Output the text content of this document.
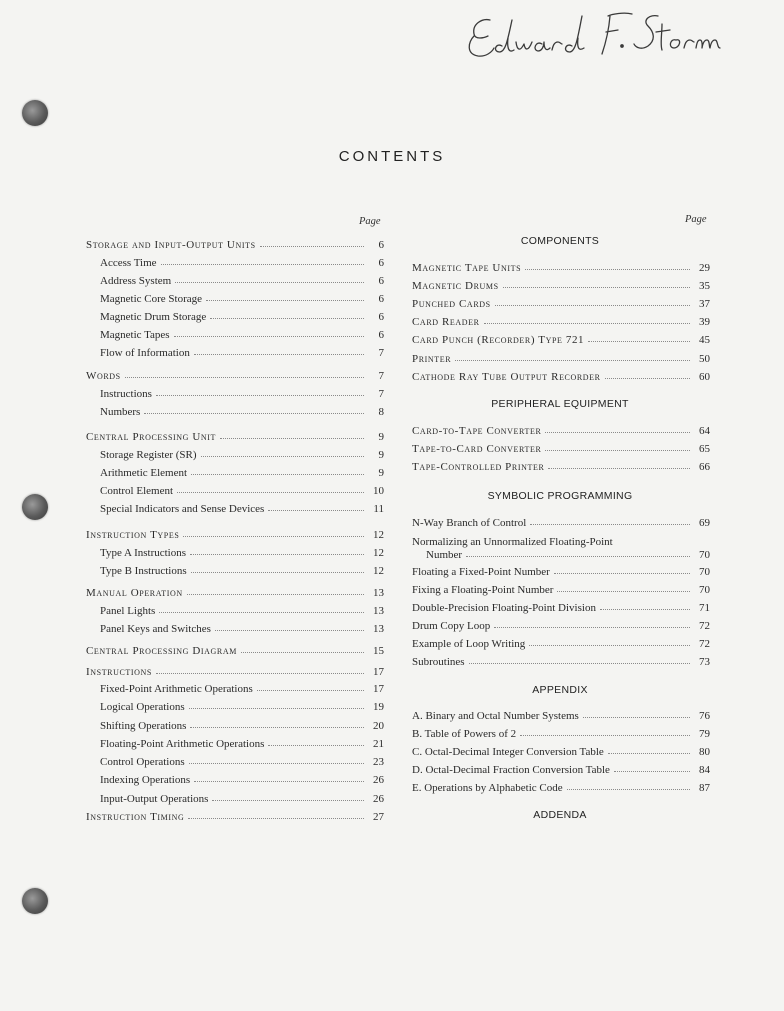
CONTENTS
Page	Page
Storage and Input-Output Units	6
Access Time	6
Address System	6
Magnetic Core Storage	6
Magnetic Drum Storage	6
Magnetic Tapes	6
Flow of Information	7
Words	7
Instructions	7
Numbers	8
Central Processing Unit	9
Storage Register (SR)	9
Arithmetic Element	9
Control Element	10
Special Indicators and Sense Devices	11
Instruction Types	12
Type A Instructions	12
Type B Instructions	12
Manual Operation	13
Panel Lights	13
Panel Keys and Switches	13
Central Processing Diagram	15
Instructions	17
Fixed-Point Arithmetic Operations	17
Logical Operations	19
Shifting Operations	20
Floating-Point Arithmetic Operations	21
Control Operations	23
Indexing Operations	26
Input-Output Operations	26
Instruction Timing	27
COMPONENTS
Magnetic Tape Units	29
Magnetic Drums	35
Punched Cards	37
Card Reader	39
Card Punch (Recorder) Type 721	45
Printer	50
Cathode Ray Tube Output Recorder	60
PERIPHERAL EQUIPMENT
Card-to-Tape Converter	64
Tape-to-Card Converter	65
Tape-Controlled Printer	66
SYMBOLIC PROGRAMMING
N-Way Branch of Control	69
Normalizing an Unnormalized Floating-Point
Number	70
Floating a Fixed-Point Number	70
Fixing a Floating-Point Number	70
Double-Precision Floating-Point Division	71
Drum Copy Loop	72
Example of Loop Writing	72
Subroutines	73
APPENDIX
A. Binary and Octal Number Systems	76
B. Table of Powers of 2	79
C. Octal-Decimal Integer Conversion Table	80
D. Octal-Decimal Fraction Conversion Table	84
E. Operations by Alphabetic Code	87
ADDENDA
